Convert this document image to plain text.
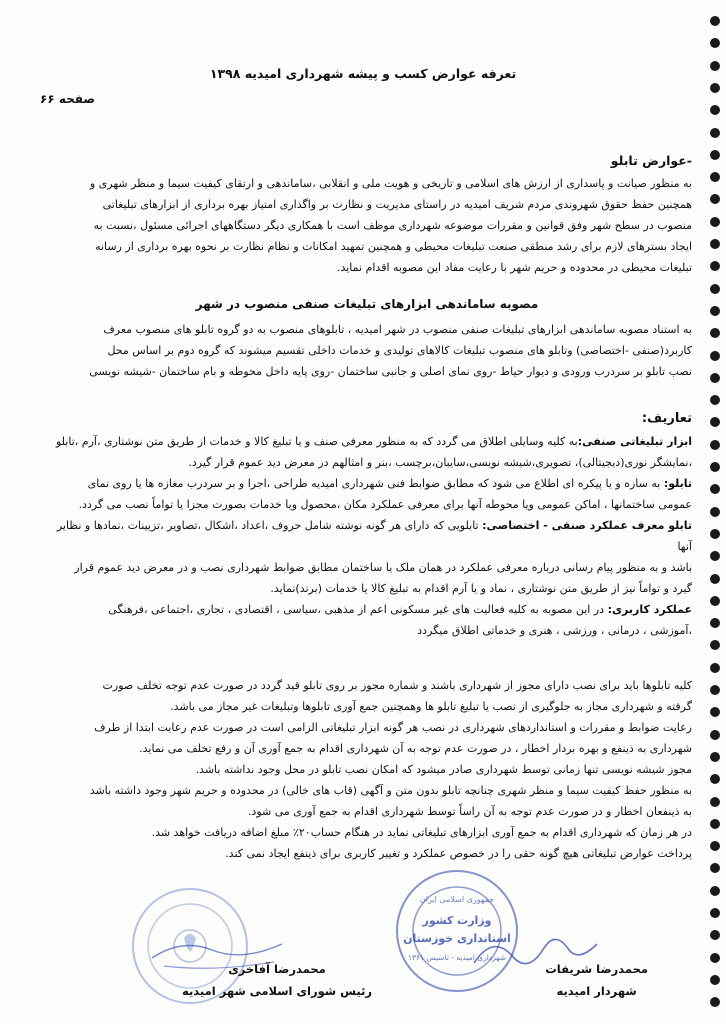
تعرفه عوارض کسب و پیشه شهرداری امیدیه ۱۳۹۸
صفحه ۶۶
-عوارض تابلو

به منظور صیانت و پاسداری از ارزش های اسلامی و تاریخی و هویت ملی و انقلابی ،ساماندهی و ارتقای کیفیت سیما و منظر شهری و

همچنین حفظ حقوق شهروندی مردم شریف امیدیه در راستای مدیریت و نظارت بر واگذاری امتیاز بهره برداری از ابزارهای تبلیغاتی

منصوب در سطح شهر وفق قوانین و مقررات موضوعه شهرداری موظف است با همکاری دیگر دستگاههای اجرائی مسئول ،نسبت به

ایجاد بسترهای لازم برای رشد منطقی صنعت تبلیغات محیطی و همچنین تمهید امکانات و نظام نظارت بر نحوه بهره برداری از رسانه

تبلیغات محیطی در محدوده و حریم شهر با رعایت مفاد این مصوبه اقدام نماید.

مصوبه ساماندهی ابزارهای تبلیغات صنفی منصوب در شهر

به استناد مصوبه ساماندهی ابزارهای تبلیغات صنفی منصوب در شهر امیدیه ، تابلوهای منصوب به دو گروه تابلو های منصوب معرف

کاربرد(صنفی -اختصاصی) وتابلو های منصوب تبلیغات کالاهای تولیدی و خدمات داخلی تقسیم میشوند که گروه دوم بر اساس محل

نصب تابلو بر سردرب ورودی و دیوار حیاط -روی نمای اصلی و جانبی ساختمان -روی پایه داخل محوطه و بام ساختمان -شیشه نویسی

تعاریف:

ابزار تبلیغاتی صنفی:به کلیه وسایلی اطلاق می گردد که به منظور معرفی صنف و یا تبلیغ کالا و خدمات از طریق متن نوشتاری ،آرم ،تابلو

،نمایشگر نوری(دیجیتالی)، تصویری،شیشه نویسی،سایبان،برچسب ،بنر و امثالهم در معرض دید عموم قرار گیرد.

تابلو: به سازه و یا پیکره ای اطلاع می شود که مطابق ضوابط فنی شهرداری امیدیه طراحی ،اجرا و بر سردرب مغازه ها یا روی نمای

عمومی ساختمانها ، اماکن عمومی ویا محوطه آنها برای معرفی عملکرد مکان ،محصول ویا خدمات بصورت مجزا یا تواماً نصب می گردد.

تابلو معرف عملکرد صنفی - اختصاصی: تابلویی که دارای هر گونه نوشته شامل حروف ،اعداد ،اشکال ،تصاویر ،تزیینات ،نمادها و نظایر آنها

باشد و به منظور پیام رسانی درباره معرفی عملکرد در همان ملک یا ساختمان مطابق ضوابط شهرداری نصب و در معرض دید عموم قرار

گیرد و تواماً نیز از طریق متن نوشتاری ، نماد و یا آرم اقدام به تبلیغ کالا یا خدمات (برند)نماید.

عملکرد کاربری: در این مصوبه به کلیه فعالیت های غیر مسکونی اعم از مذهبی ،سیاسی ، اقتصادی ، تجاری ،اجتماعی ،فرهنگی

،آموزشی ، درمانی ، ورزشی ، هنری و خدماتی اطلاق میگردد

کلیه تابلوها باید برای نصب دارای مجوز از شهرداری باشند و شماره مجوز بر روی تابلو قید گردد در صورت عدم توجه تخلف صورت

گرفته و شهرداری مجاز به جلوگیری از نصب یا تبلیغ تابلو ها وهمچنین جمع آوری تابلوها وتبلیغات غیر مجاز می باشد.

رعایت ضوابط و مقررات و استانداردهای شهرداری در نصب هر گونه ابزار تبلیغاتی الزامی است در صورت عدم رعایت ابتدا از طرف

شهرداری به ذینفع و بهره بردار اخطار ، در صورت عدم توجه به آن شهرداری اقدام به جمع آوری آن و رفع تخلف می نماید.

مجوز شیشه نویسی تنها زمانی توسط شهرداری صادر میشود که امکان نصب تابلو در محل وجود نداشته باشد.

به منظور حفظ کیفیت سیما و منظر شهری چنانچه تابلو بدون متن و آگهی (قاب های خالی) در محدوده و حریم شهر وجود داشته باشد

به ذینفعان اخطار و در صورت عدم توجه به آن راساً توسط شهرداری اقدام به جمع آوری می شود.

در هر زمان که شهرداری اقدام به جمع آوری ابزارهای تبلیغاتی نماید در هنگام حساب۲۰٪ مبلغ اضافه دریافت خواهد شد.

پرداخت عوارض تبلیغاتی هیچ گونه حقی را در خصوص عملکرد و تغییر کاربری برای ذینفع ایجاد نمی کند.

جمهوری اسلامی ایران
وزارت کشور
استانداری خوزستان
شهرداری امیدیه - تاسیس ۱۳۶۱
محمدرضا شریفات
شهردار امیدیه
محمدرضا آفاخری
رئیس شورای اسلامی شهر امیدیه
